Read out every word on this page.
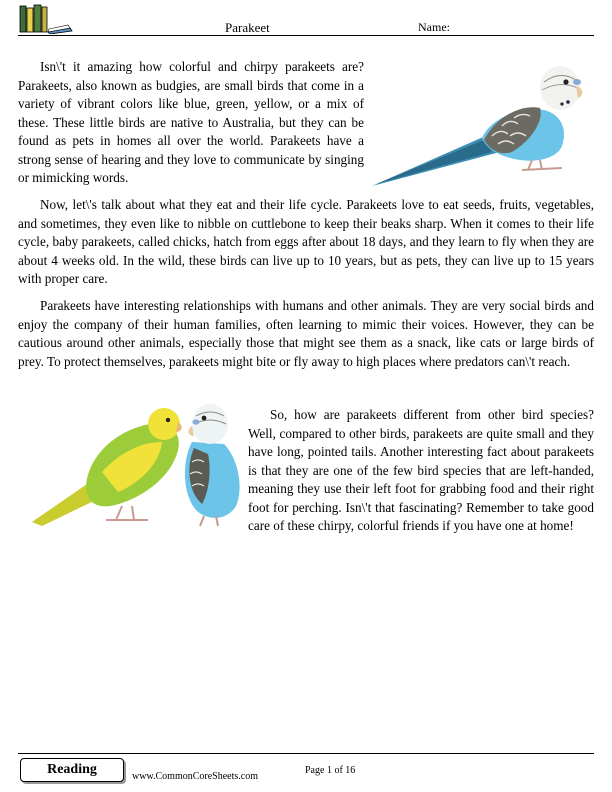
Parakeet	Name:

Isn\'t it amazing how colorful and chirpy parakeets are? Parakeets, also known as budgies, are small birds that come in a variety of vibrant colors like blue, green, yellow, or a mix of these. These little birds are native to Australia, but they can be found as pets in homes all over the world. Parakeets have a strong sense of hearing and they love to communicate by singing or mimicking words.

Now, let\'s talk about what they eat and their life cycle. Parakeets love to eat seeds, fruits, vegetables, and sometimes, they even like to nibble on cuttlebone to keep their beaks sharp. When it comes to their life cycle, baby parakeets, called chicks, hatch from eggs after about 18 days, and they learn to fly when they are about 4 weeks old. In the wild, these birds can live up to 10 years, but as pets, they can live up to 15 years with proper care.

Parakeets have interesting relationships with humans and other animals. They are very social birds and enjoy the company of their human families, often learning to mimic their voices. However, they can be cautious around other animals, especially those that might see them as a snack, like cats or large birds of prey. To protect themselves, parakeets might bite or fly away to high places where predators can\'t reach.

So, how are parakeets different from other bird species? Well, compared to other birds, parakeets are quite small and they have long, pointed tails. Another interesting fact about parakeets is that they are one of the few bird species that are left-handed, meaning they use their left foot for grabbing food and their right foot for perching. Isn\'t that fascinating? Remember to take good care of these chirpy, colorful friends if you have one at home!

Reading	www.CommonCoreSheets.com
Page 1 of 16
